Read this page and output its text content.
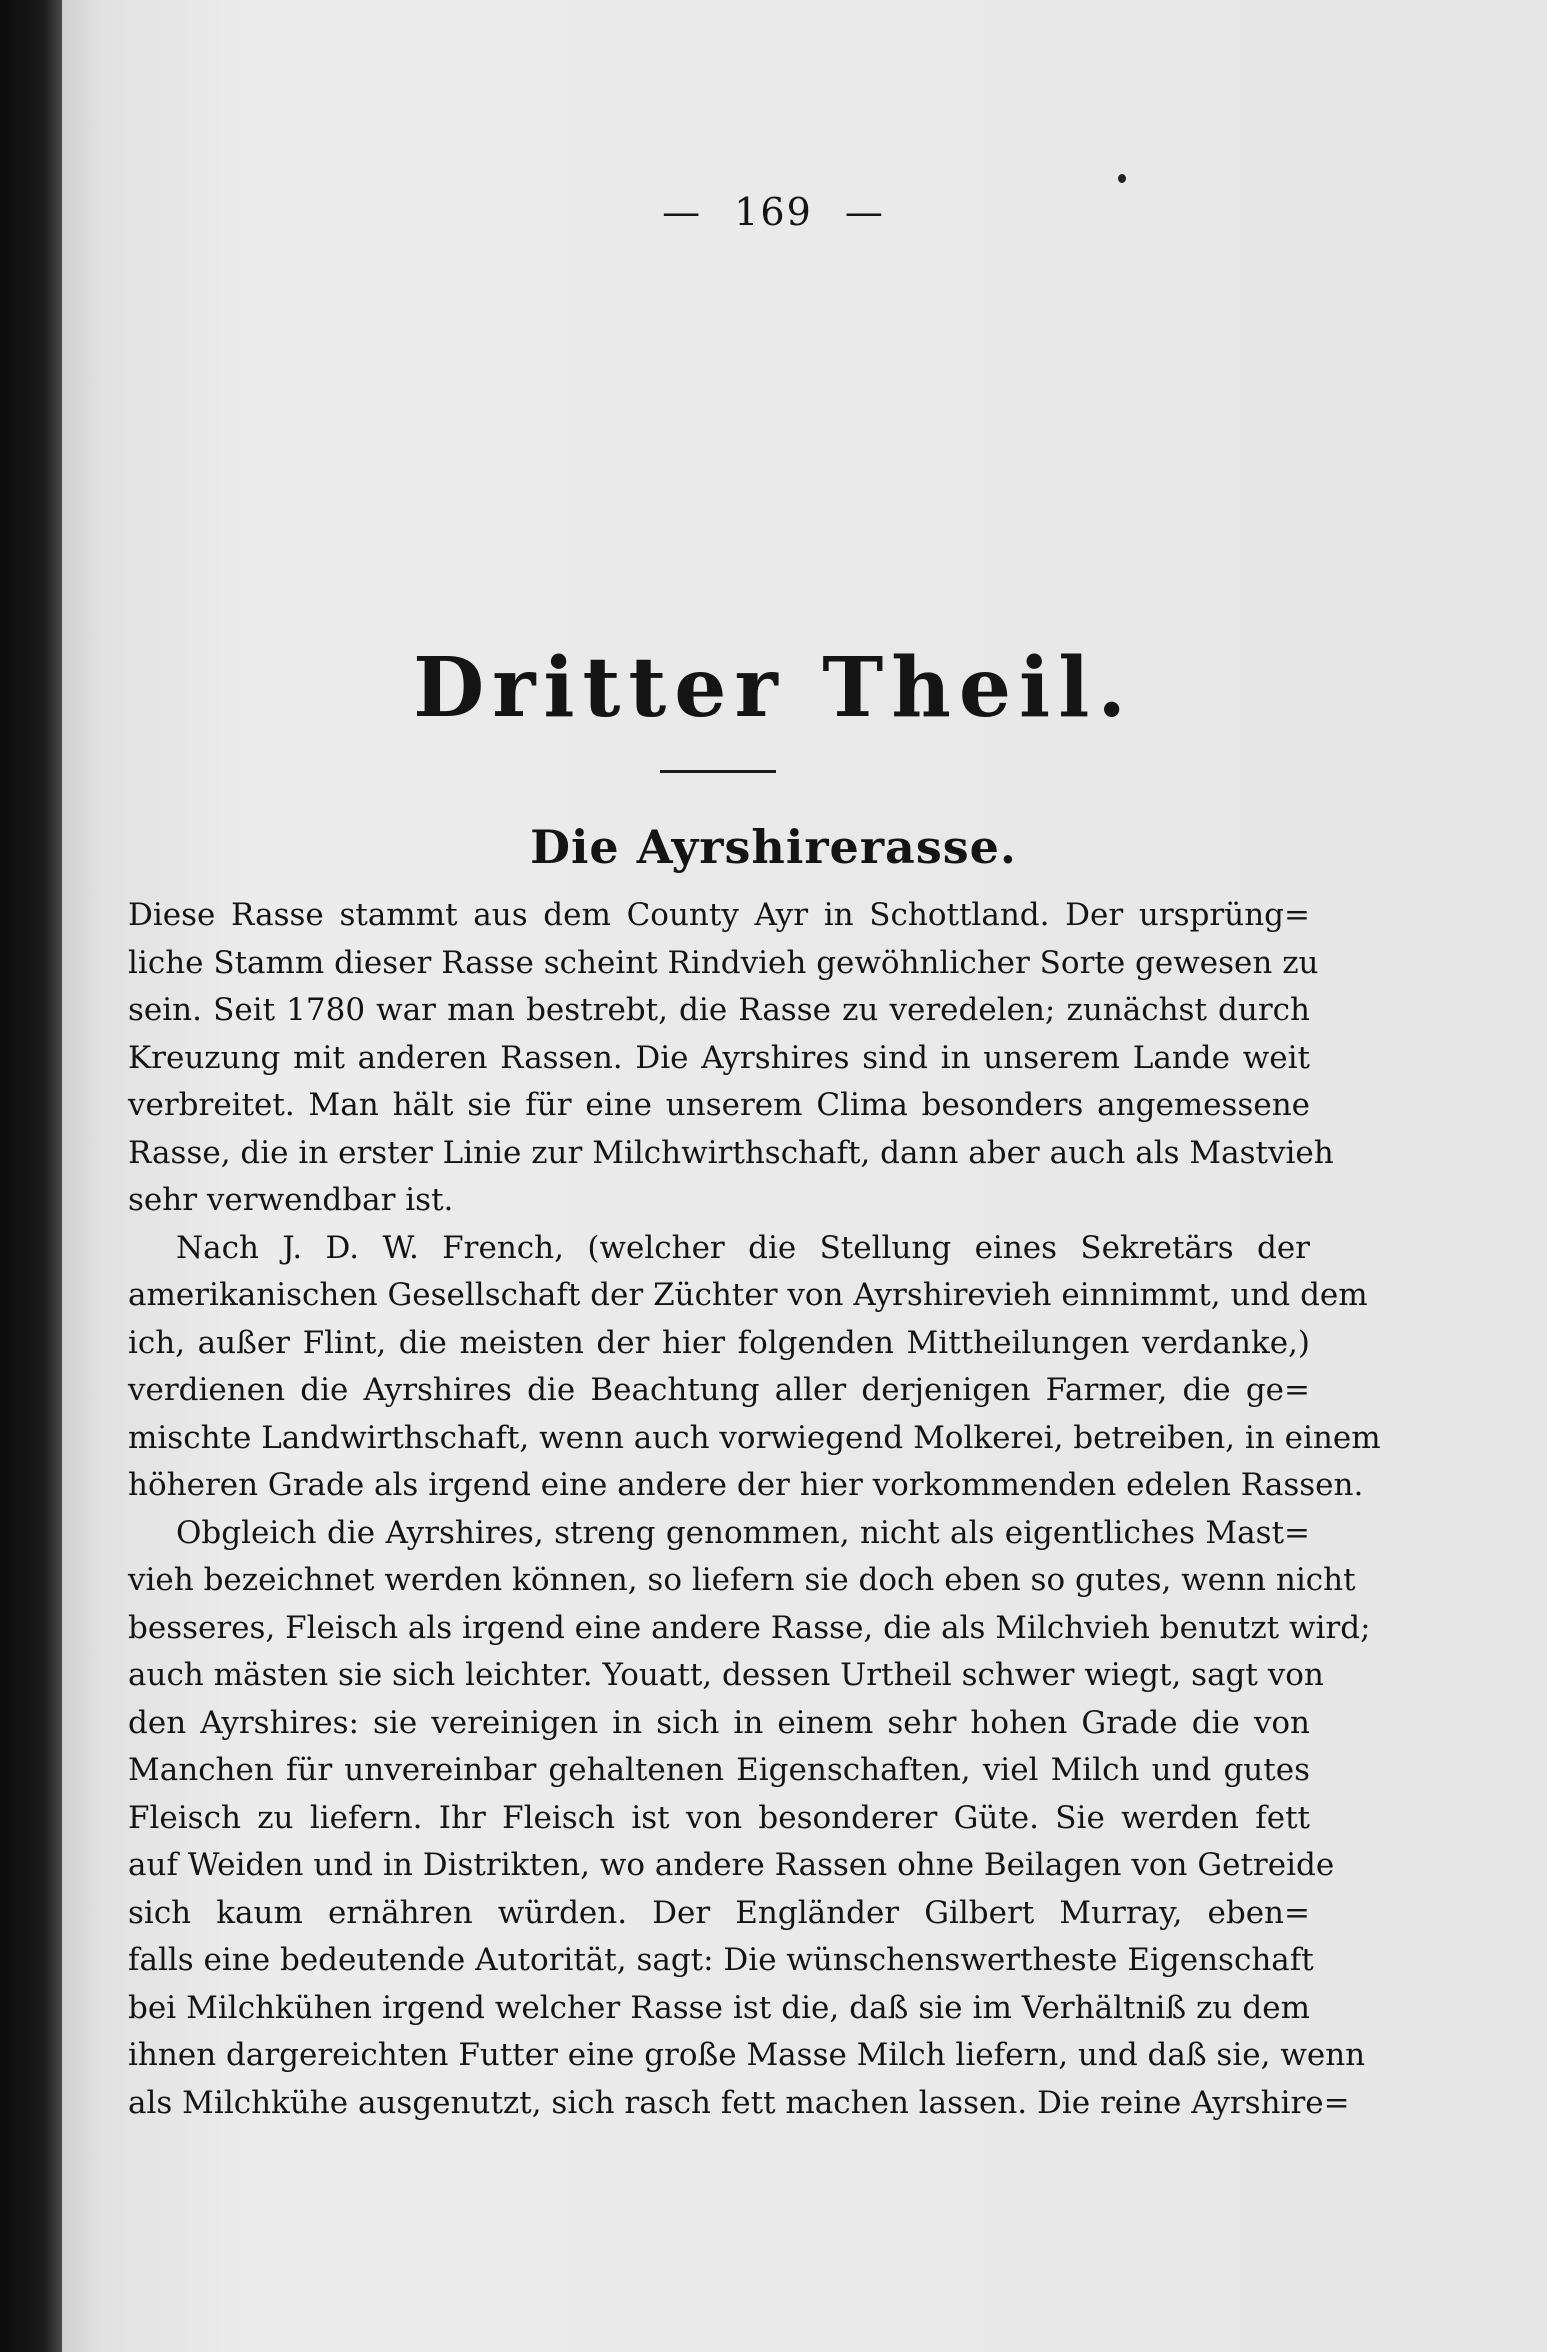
— 169 —
Dritter Theil.
Die Ayrshirerasse.
Diese Rasse stammt aus dem County Ayr in Schottland. Der ursprüng=
liche Stamm dieser Rasse scheint Rindvieh gewöhnlicher Sorte gewesen zu
sein. Seit 1780 war man bestrebt, die Rasse zu veredelen; zunächst durch
Kreuzung mit anderen Rassen. Die Ayrshires sind in unserem Lande weit
verbreitet. Man hält sie für eine unserem Clima besonders angemessene
Rasse, die in erster Linie zur Milchwirthschaft, dann aber auch als Mastvieh
sehr verwendbar ist.
Nach J. D. W. French, (welcher die Stellung eines Sekretärs der
amerikanischen Gesellschaft der Züchter von Ayrshirevieh einnimmt, und dem
ich, außer Flint, die meisten der hier folgenden Mittheilungen verdanke,)
verdienen die Ayrshires die Beachtung aller derjenigen Farmer, die ge=
mischte Landwirthschaft, wenn auch vorwiegend Molkerei, betreiben, in einem
höheren Grade als irgend eine andere der hier vorkommenden edelen Rassen.
Obgleich die Ayrshires, streng genommen, nicht als eigentliches Mast=
vieh bezeichnet werden können, so liefern sie doch eben so gutes, wenn nicht
besseres, Fleisch als irgend eine andere Rasse, die als Milchvieh benutzt wird;
auch mästen sie sich leichter. Youatt, dessen Urtheil schwer wiegt, sagt von
den Ayrshires: sie vereinigen in sich in einem sehr hohen Grade die von
Manchen für unvereinbar gehaltenen Eigenschaften, viel Milch und gutes
Fleisch zu liefern. Ihr Fleisch ist von besonderer Güte. Sie werden fett
auf Weiden und in Distrikten, wo andere Rassen ohne Beilagen von Getreide
sich kaum ernähren würden. Der Engländer Gilbert Murray, eben=
falls eine bedeutende Autorität, sagt: Die wünschenswertheste Eigenschaft
bei Milchkühen irgend welcher Rasse ist die, daß sie im Verhältniß zu dem
ihnen dargereichten Futter eine große Masse Milch liefern, und daß sie, wenn
als Milchkühe ausgenutzt, sich rasch fett machen lassen. Die reine Ayrshire=
